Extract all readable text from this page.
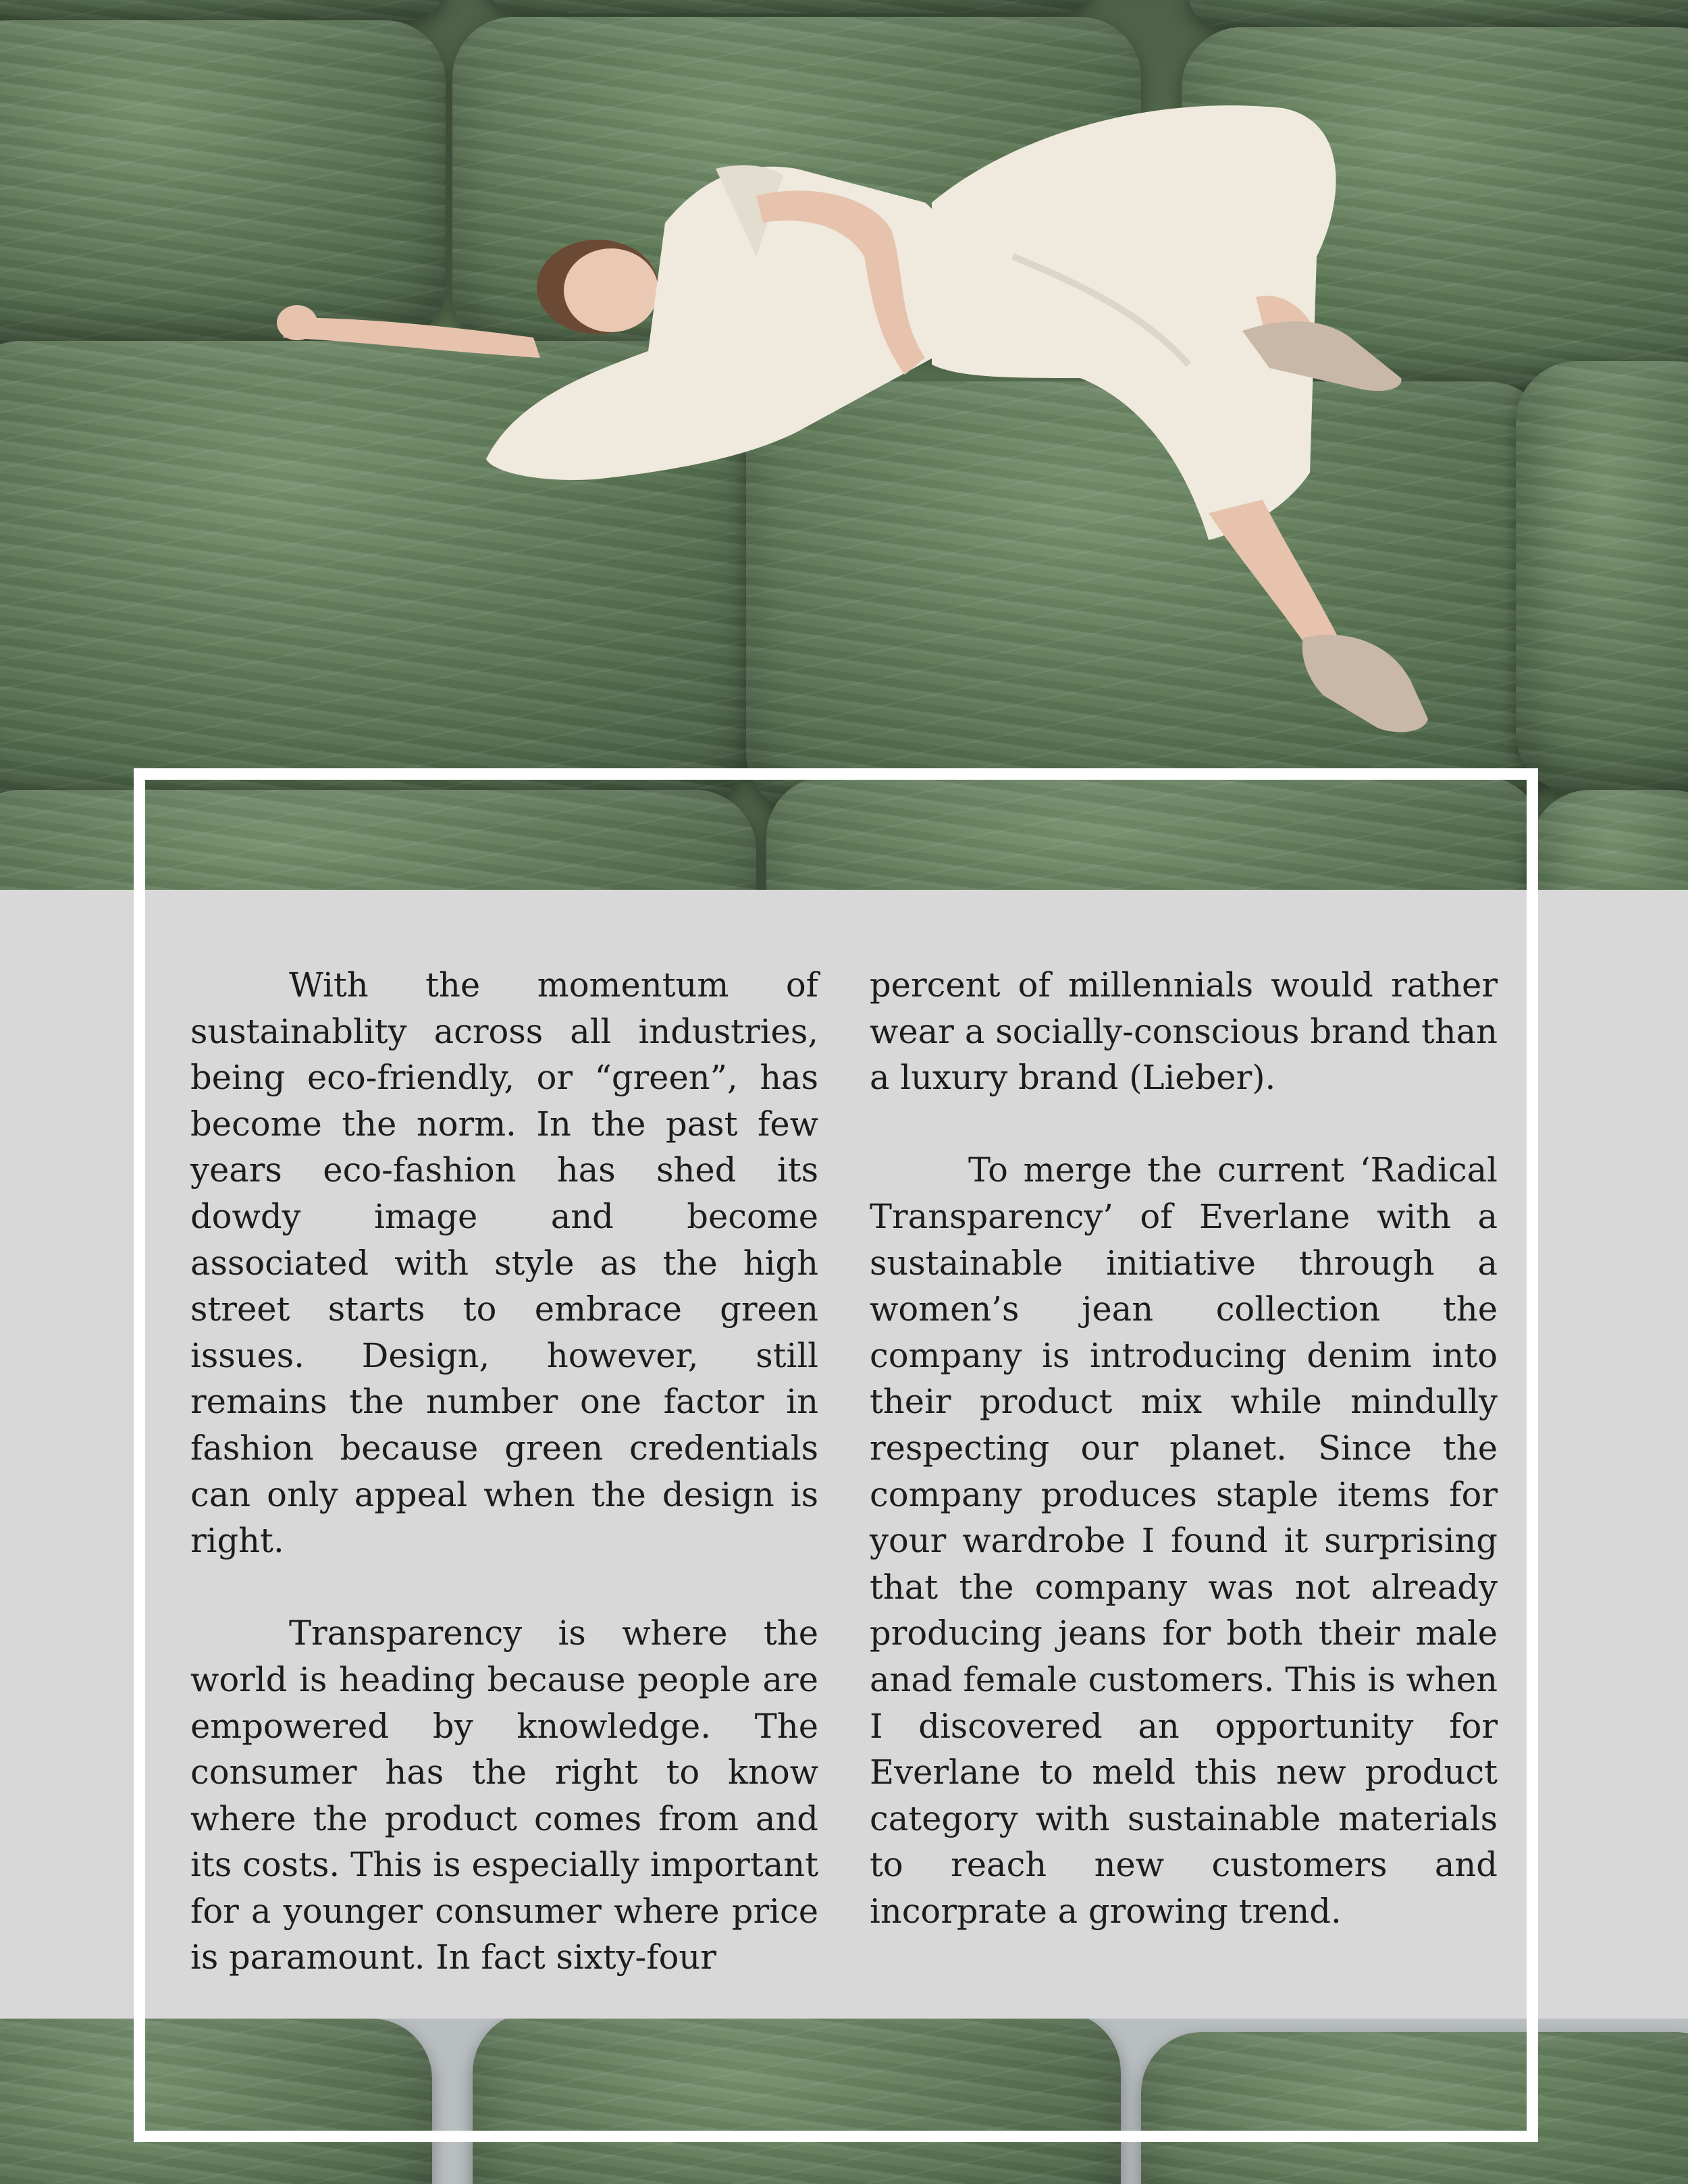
With the momentum of sustainablity across all industries, being eco-friendly, or “green”, has become the norm. In the past few years eco-fashion has shed its dowdy image and become associated with style as the high street starts to embrace green issues. Design, however, still remains the number one factor in fashion because green credentials can only appeal when the design is right.

Transparency is where the world is heading because people are empowered by knowledge. The consumer has the right to know where the product comes from and its costs. This is especially important for a younger consumer where price is paramount. In fact sixty-four

percent of millennials would rather wear a socially-conscious brand than a luxury brand (Lieber).

To merge the current ‘Radical Transparency’ of Everlane with a sustainable initiative through a women’s jean collection the company is introducing denim into their product mix while mindully respecting our planet. Since the company produces staple items for your wardrobe I found it surprising that the company was not already producing jeans for both their male anad female customers. This is when I discovered an opportunity for Everlane to meld this new product category with sustainable materials to reach new customers and incorprate a growing trend.
